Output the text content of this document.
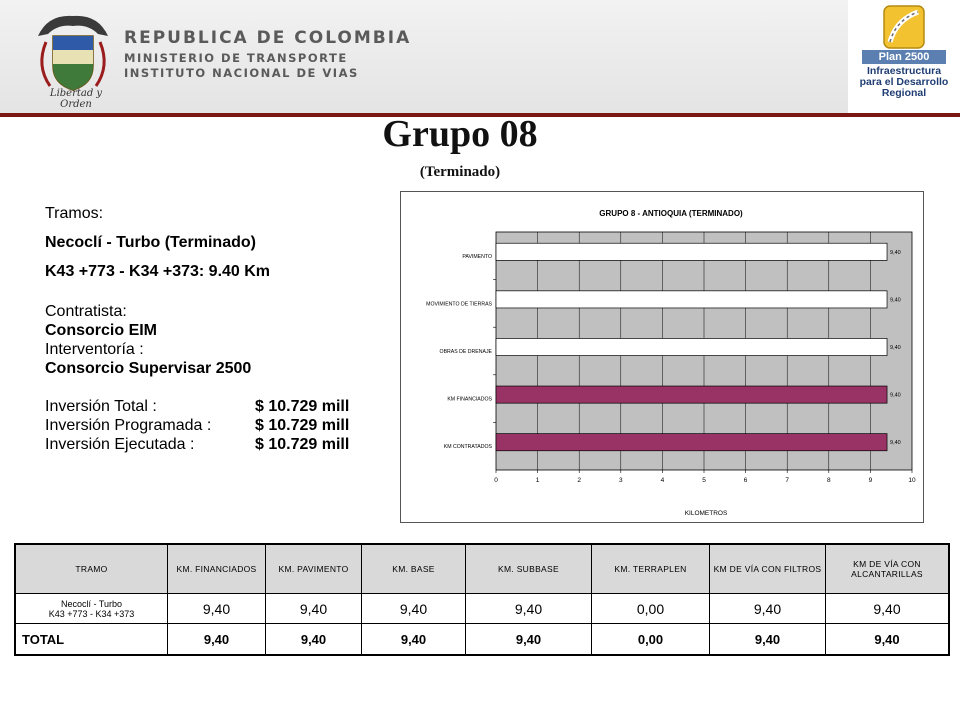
Libertad y Orden
REPUBLICA DE COLOMBIA
MINISTERIO DE TRANSPORTE
INSTITUTO NACIONAL DE VIAS
Plan 2500
Infraestructura
para el Desarrollo
Regional
Grupo 08
(Terminado)
Tramos:
Necoclí - Turbo (Terminado)
K43 +773 - K34 +373: 9.40 Km
Contratista:
Consorcio EIM
Interventoría :
Consorcio Supervisar 2500
Inversión Total :	$ 10.729 mill
Inversión Programada :	$ 10.729 mill
Inversión Ejecutada :	$ 10.729 mill
GRUPO 8 - ANTIOQUIA (TERMINADO)
KILOMETROS
0	1	2	3	4	5	6	7	8	9	10
PAVIMENTO
9,40
MOVIMIENTO DE TIERRAS
9,40
OBRAS DE DRENAJE
9,40
KM FINANCIADOS
9,40
KM CONTRATADOS
9,40
TRAMO	KM. FINANCIADOS	KM. PAVIMENTO	KM. BASE	KM. SUBBASE	KM. TERRAPLEN	KM DE VÍA CON FILTROS	KM DE VÍA CON ALCANTARILLAS

Necoclí - Turbo
K43 +773 - K34 +373	9,40	9,40	9,40	9,40	0,00	9,40	9,40
TOTAL	9,40	9,40	9,40	9,40	0,00	9,40	9,40
